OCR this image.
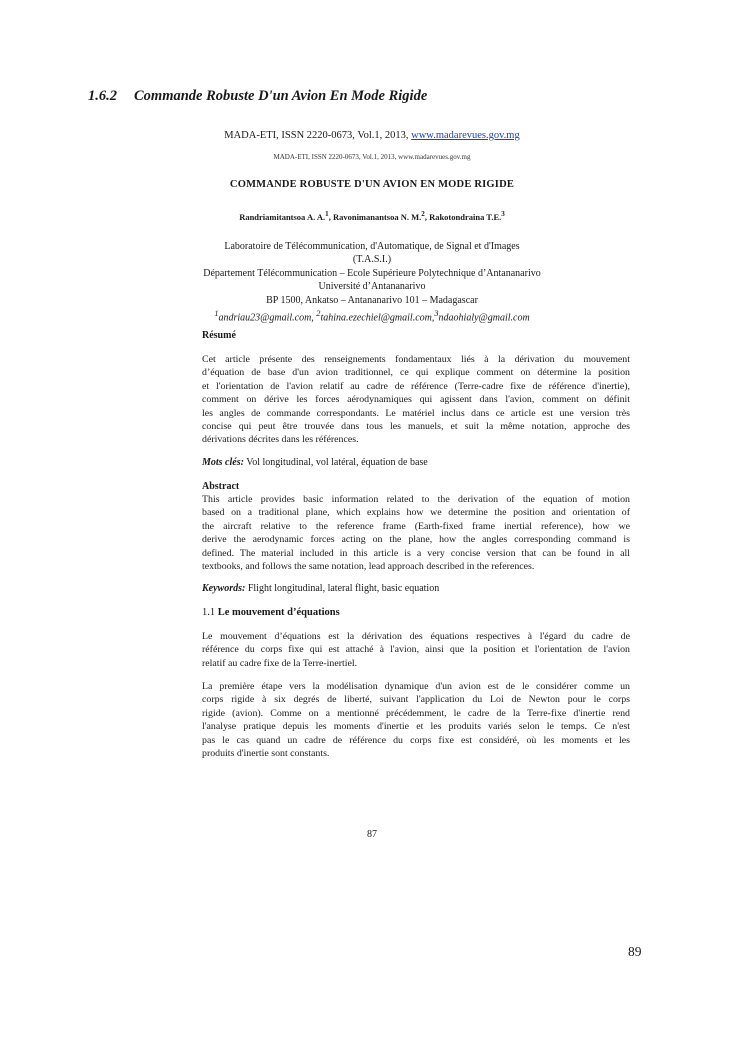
1.6.2 Commande Robuste D'un Avion En Mode Rigide
MADA-ETI, ISSN 2220-0673, Vol.1, 2013, www.madarevues.gov.mg
MADA-ETI, ISSN 2220-0673, Vol.1, 2013, www.madarevues.gov.mg
COMMANDE ROBUSTE D'UN AVION EN MODE RIGIDE
Randriamitantsoa A. A.$^1$, Ravonimanantsoa N. M.$^2$, Rakotondraina T.E.$^3$
Laboratoire de Télécommunication, d'Automatique, de Signal et d'Images
(T.A.S.I.)
Département Télécommunication – Ecole Supérieure Polytechnique d’Antananarivo
Université d’Antananarivo
BP 1500, Ankatso – Antananarivo 101 – Madagascar
$^1$andriau23@gmail.com, $^2$tahina.ezechiel@gmail.com,$^3$ndaohialy@gmail.com
Résumé
Cet article présente des renseignements fondamentaux liés à la dérivation du mouvement
d’équation de base d'un avion traditionnel, ce qui explique comment on détermine la position
et l'orientation de l'avion relatif au cadre de référence (Terre-cadre fixe de référence d'inertie),
comment on dérive les forces aérodynamiques qui agissent dans l'avion, comment on définit
les angles de commande correspondants. Le matériel inclus dans ce article est une version très
concise qui peut être trouvée dans tous les manuels, et suit la même notation, approche des
dérivations décrites dans les références.
Mots clés: Vol longitudinal, vol latéral, équation de base
Abstract
This article provides basic information related to the derivation of the equation of motion
based on a traditional plane, which explains how we determine the position and orientation of
the aircraft relative to the reference frame (Earth-fixed frame inertial reference), how we
derive the aerodynamic forces acting on the plane, how the angles corresponding command is
defined. The material included in this article is a very concise version that can be found in all
textbooks, and follows the same notation, lead approach described in the references.
Keywords: Flight longitudinal, lateral flight, basic equation
1.1 Le mouvement d’équations
Le mouvement d’équations est la dérivation des équations respectives à l'égard du cadre de
référence du corps fixe qui est attaché à l'avion, ainsi que la position et l'orientation de l'avion
relatif au cadre fixe de la Terre-inertiel.
La première étape vers la modélisation dynamique d'un avion est de le considérer comme un
corps rigide à six degrés de liberté, suivant l'application du Loi de Newton pour le corps
rigide (avion). Comme on a mentionné précédemment, le cadre de la Terre-fixe d'inertie rend
l'analyse pratique depuis les moments d'inertie et les produits variés selon le temps. Ce n'est
pas le cas quand un cadre de référence du corps fixe est considéré, où les moments et les
produits d'inertie sont constants.
87
89
